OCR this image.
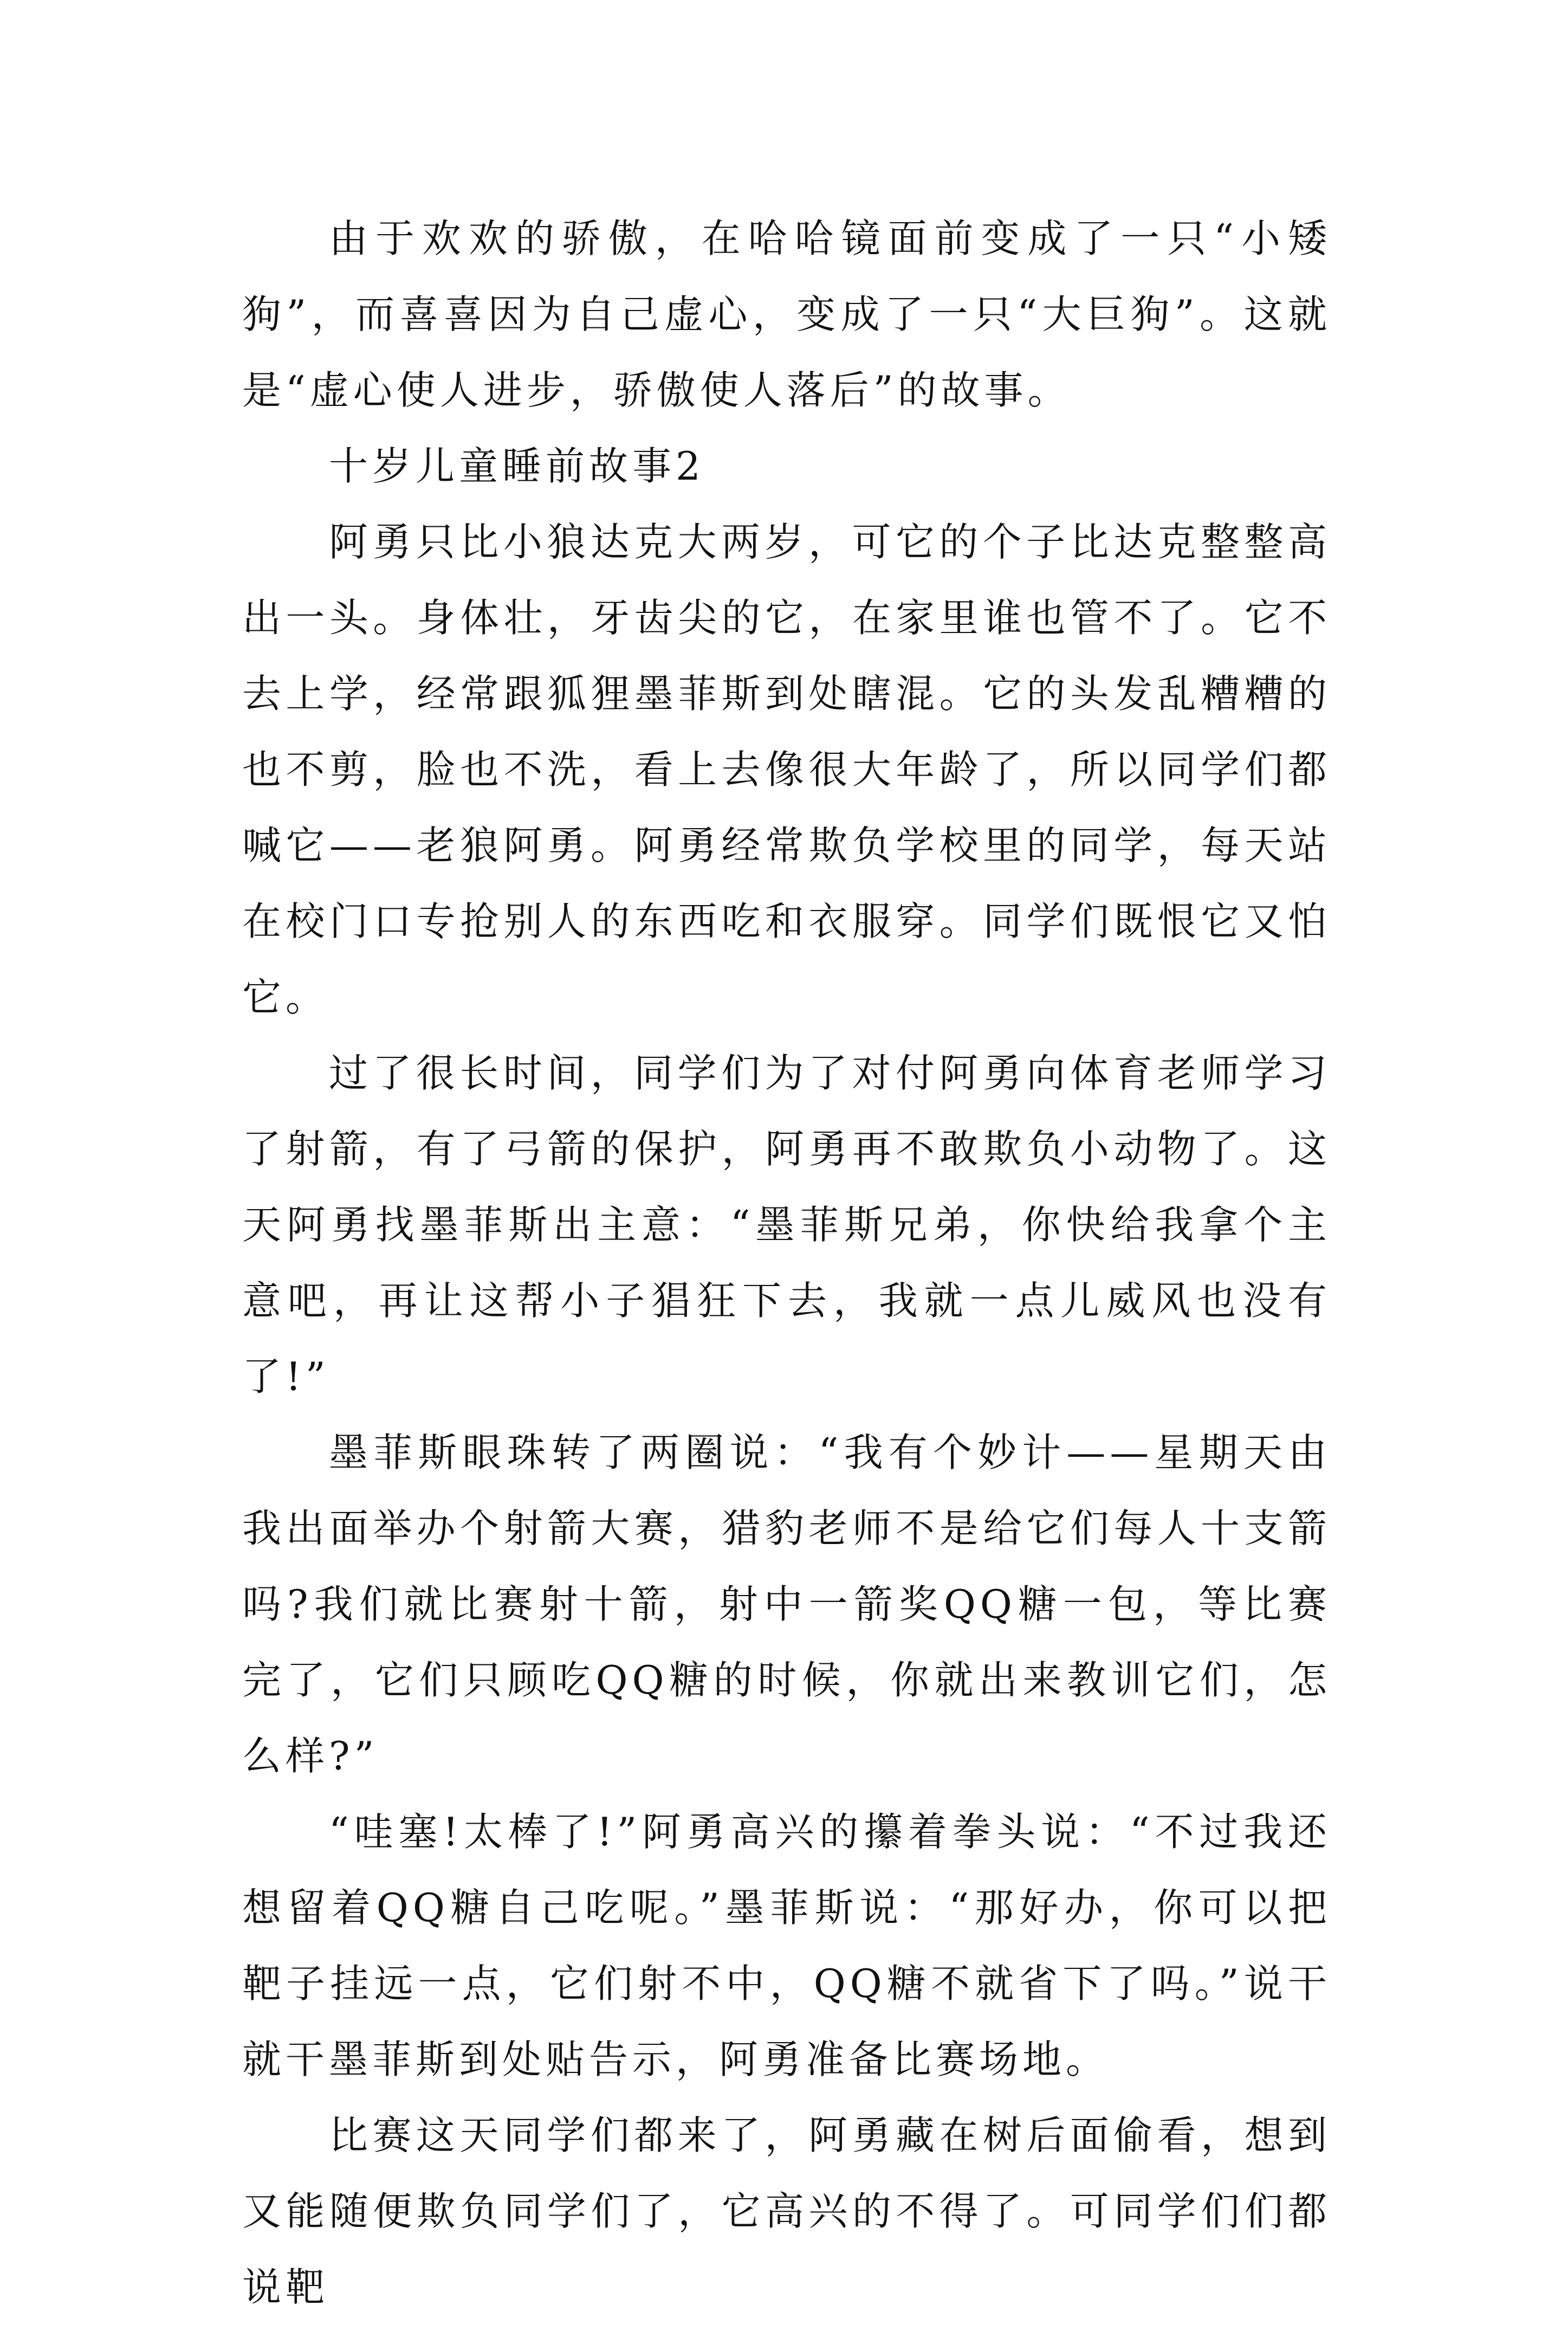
由于欢欢的骄傲，在哈哈镜面前变成了一只“小矮狗”，而喜喜因为自己虚心，变成了一只“大巨狗”。这就是“虚心使人进步，骄傲使人落后”的故事。

十岁儿童睡前故事2

阿勇只比小狼达克大两岁，可它的个子比达克整整高出一头。身体壮，牙齿尖的它，在家里谁也管不了。它不去上学，经常跟狐狸墨菲斯到处瞎混。它的头发乱糟糟的也不剪，脸也不洗，看上去像很大年龄了，所以同学们都喊它——老狼阿勇。阿勇经常欺负学校里的同学，每天站在校门口专抢别人的东西吃和衣服穿。同学们既恨它又怕它。

过了很长时间，同学们为了对付阿勇向体育老师学习了射箭，有了弓箭的保护，阿勇再不敢欺负小动物了。这天阿勇找墨菲斯出主意：“墨菲斯兄弟，你快给我拿个主意吧，再让这帮小子猖狂下去，我就一点儿威风也没有了!”

墨菲斯眼珠转了两圈说：“我有个妙计——星期天由我出面举办个射箭大赛，猎豹老师不是给它们每人十支箭吗?我们就比赛射十箭，射中一箭奖QQ糖一包，等比赛完了，它们只顾吃QQ糖的时候，你就出来教训它们，怎么样?”

“哇塞!太棒了!”阿勇高兴的攥着拳头说：“不过我还想留着QQ糖自己吃呢。”墨菲斯说：“那好办，你可以把靶子挂远一点，它们射不中，QQ糖不就省下了吗。”说干就干墨菲斯到处贴告示，阿勇准备比赛场地。

比赛这天同学们都来了，阿勇藏在树后面偷看，想到又能随便欺负同学们了，它高兴的不得了。可同学们们都说靶
